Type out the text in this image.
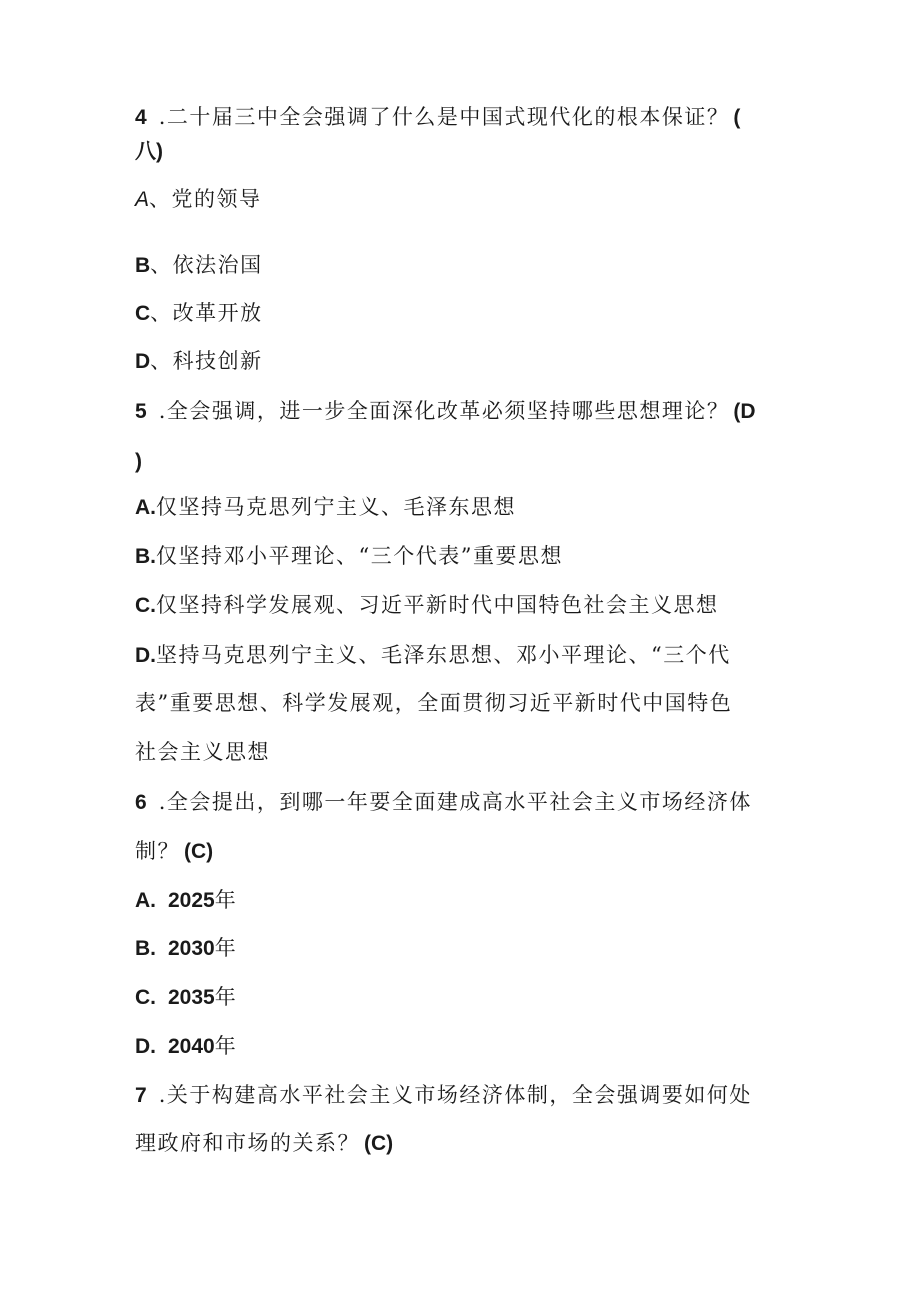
4 .二十届三中全会强调了什么是中国式现代化的根本保证？ (
八)
A、党的领导
B、依法治国
C、改革开放
D、科技创新
5 .全会强调，进一步全面深化改革必须坚持哪些思想理论？ (D
)
A.仅坚持马克思列宁主义、毛泽东思想
B.仅坚持邓小平理论、“三个代表”重要思想
C.仅坚持科学发展观、习近平新时代中国特色社会主义思想
D.坚持马克思列宁主义、毛泽东思想、邓小平理论、“三个代
表”重要思想、科学发展观，全面贯彻习近平新时代中国特色
社会主义思想
6 .全会提出，到哪一年要全面建成高水平社会主义市场经济体
制？ (C)
A. 2025年
B. 2030年
C. 2035年
D. 2040年
7 .关于构建高水平社会主义市场经济体制，全会强调要如何处
理政府和市场的关系？ (C)
